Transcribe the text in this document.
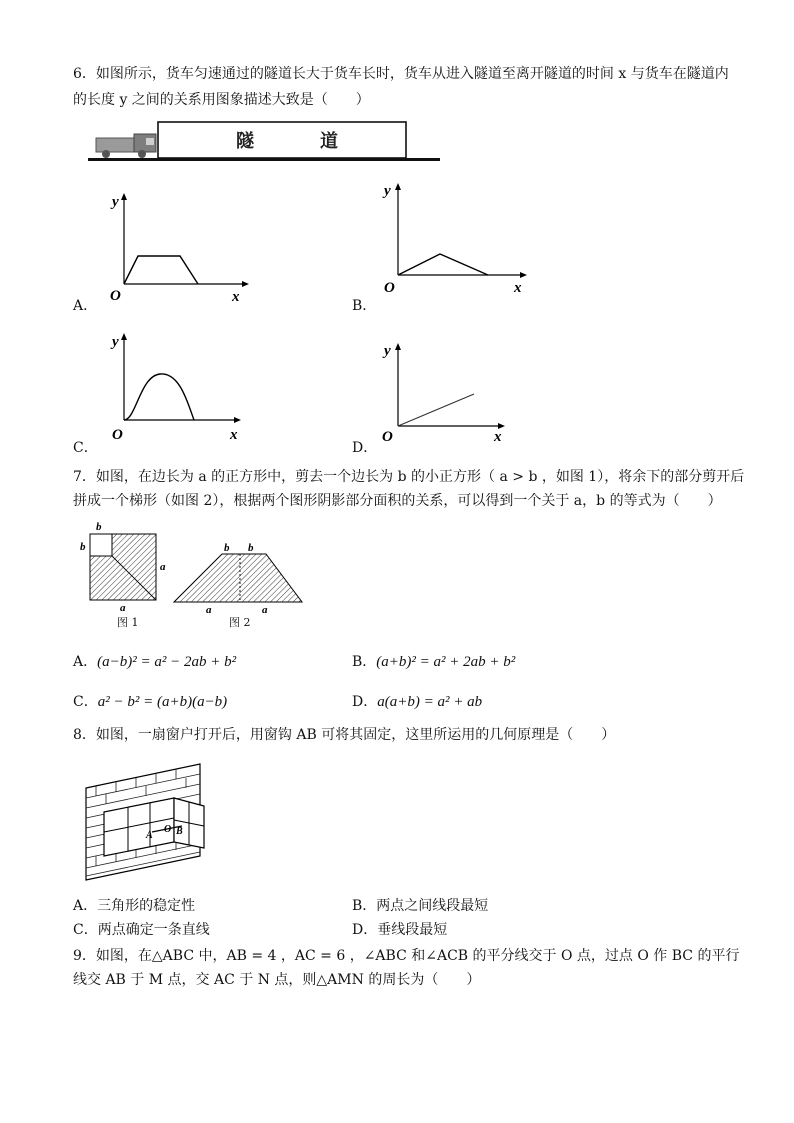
6．如图所示，货车匀速通过的隧道长大于货车长时，货车从进入隧道至离开隧道的时间 x 与货车在隧道内
的长度 y 之间的关系用图象描述大致是（　　）
隧	道
y
x
O
A．
y
x
O
B．
y
x
O
C．
y
x
O
D．
7．如图，在边长为 a 的正方形中，剪去一个边长为 b 的小正方形（ a > b ，如图 1），将余下的部分剪开后
拼成一个梯形（如图 2），根据两个图形阴影部分面积的关系，可以得到一个关于 a，b 的等式为（　　）
b
b
a
a
图 1
b b
a	a
图 2
A．(a−b)² = a² − 2ab + b²	B．(a+b)² = a² + 2ab + b²
C．a² − b² = (a+b)(a−b)	D．a(a+b) = a² + ab
8．如图，一扇窗户打开后，用窗钩 AB 可将其固定，这里所运用的几何原理是（　　）
A
O B
A．三角形的稳定性	B．两点之间线段最短
C．两点确定一条直线	D．垂线段最短
9．如图，在△ABC 中，AB = 4 ，AC = 6 ，∠ABC 和∠ACB 的平分线交于 O 点，过点 O 作 BC 的平行
线交 AB 于 M 点，交 AC 于 N 点，则△AMN 的周长为（　　）
